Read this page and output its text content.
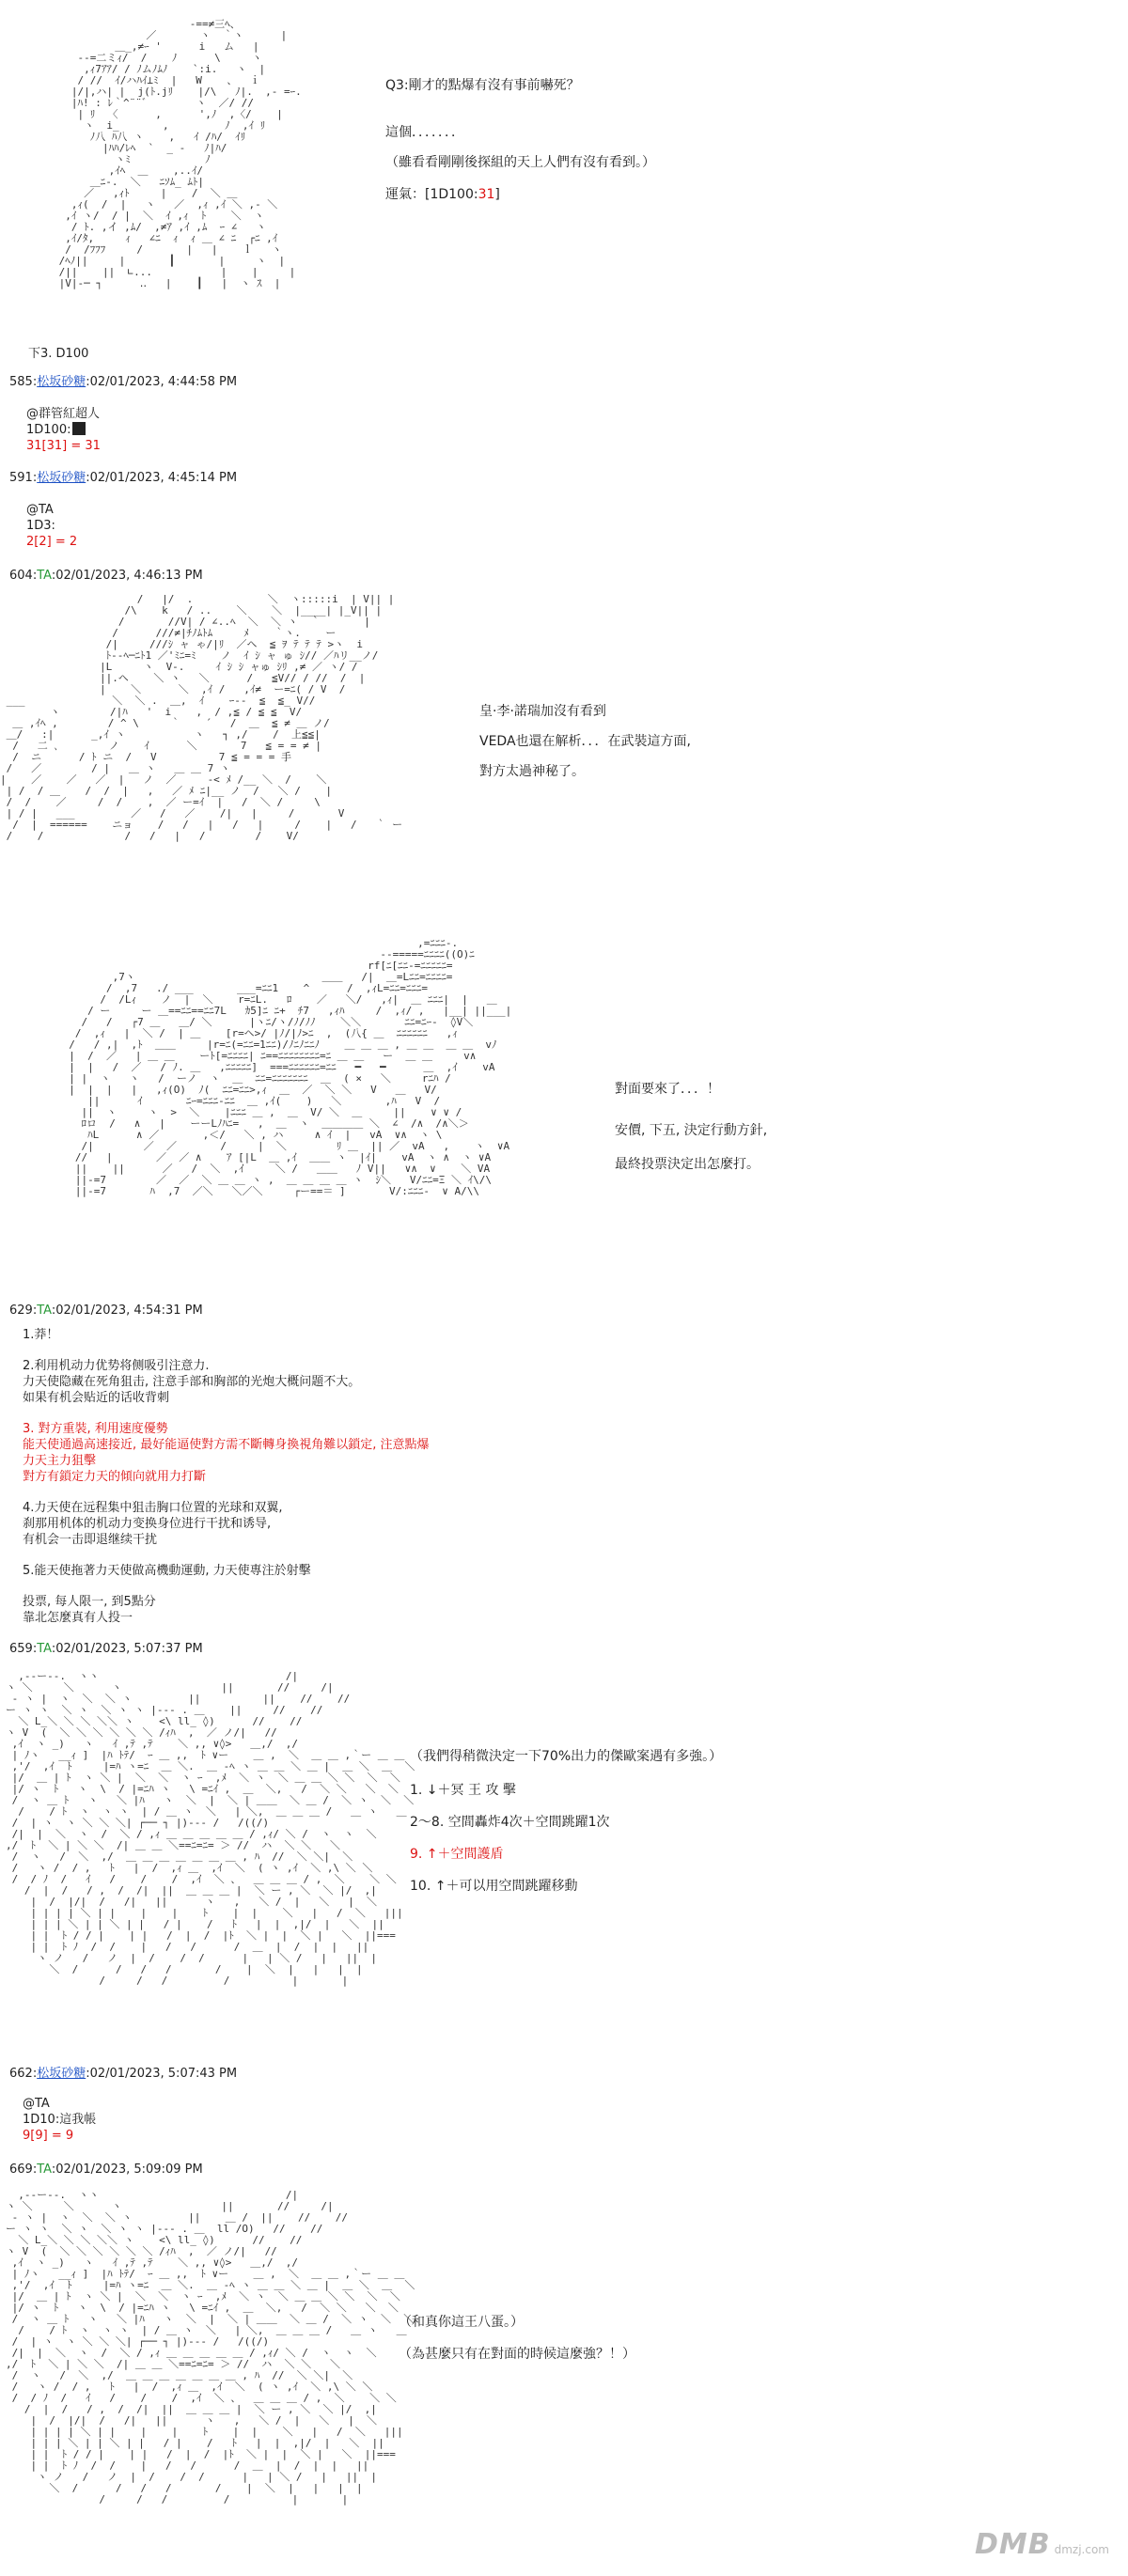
-==≠三ﾍ、
／       ヽ  ｀ヽ      |
＿_,≠ｰ '      i   ム   |
--=二ミｨ/  /    ﾉ      \     ヽ
,ｨ7ｱｱ/ / ﾉムﾉﾑﾉ    `:i.   ヽ  |
/ //  ｲ/ハﾊｲ⊥ﾐ  |   W    、  ｉ
|/|,ハ| |  j(ﾄ.jﾘ    |/\   ﾉ|.  ,- =ｰ.
|ﾊ! : ﾚ｀^¨¨゛       ヽ  ／/ //
| ﾘ  〈      ,      ',ﾉ  ,〈/    |
ヽ  i_       ,         ﾉ  ,ｲ ﾘ
ﾉ八 ﾊ八 ヽ    ,   ｲ /ﾊ/  ｲﾘ
|ﾊﾊ/ﾚﾍ  `  _ -   ﾉ|ﾊ/
ヽﾐ            ﾉ
,ｲﾍ  ＿    ,..ｲ/
＿ﾆ-.  ＼   ﾆｿﾑ_ ﾑﾄ|
／   ,ｨﾄ     |    /  ＼ ＿
,ｨ(  /  |   ヽ   ／  ,ｨ ,ｲ ＼ ,- ＼
,ｲ ヽ/  / |  ＼  ｲ ,ｨ  ﾄ    ＼  ヽ
/ ﾄ. ,イ ,ﾑ/  ,≠ｱ ,ｲ ,ﾑ  ｰ ∠   ヽ
,ｲ/ﾀ,     ｨ   ∠ﾆ  ｨ  ｨ ＿ ∠ ﾆ  ┌ﾆ ,ｲ
/  /ﾌﾌﾌ     /       |   |    ｌ   ヽ
/ﾍﾉ||     |       ┃       |     ヽ  |
/||    ||  ∟...           |    |     |
|V|-─ ┐      ‥   |    ┃   |  ヽ ｽ  |

Q3:剛才的點爆有沒有事前嚇死？
這個．．．．．．．
（雖看看剛剛後探組的天上人們有沒有看到。）
運氣：[1D100:31]
下3. D100
585:松坂砂糖:02/01/2023, 4:44:58 PM
@群管紅超人
1D100:
31[31] = 31
591:松坂砂糖:02/01/2023, 4:45:14 PM
@TA
1D3:
2[2] = 2
604:TA:02/01/2023, 4:46:13 PM
/   |/  .            ＼  ヽ:::::i  | V|| |
/\    k   / ..    ＼    ＼  |____| |_V|| |
/       //V| / ∠..ﾍ  ＼  ＼ ヽ  ｀       |
/      ///≠|ﾁﾉﾑﾄﾑ     ﾒ    ｀ヽ.    ー
/|     ///ｼ ャ ゃ/|ﾘ  ／ヘ  ≦ ｦ ﾃ ﾃ ﾃ >ヽ  i
ﾄ--ﾍ─ﾆﾄ1 ／'ﾐﾆ=ﾐ    ノ  ｲ ｼ ャ ゅ ｼ// ／ﾊリ__ノ/
|L     ヽ  V-.     ｲ ｼ ｼ ャゅ ｼﾘ ,≠ ／ ヽ/ /
||.ヘ    ＼ ヽ   ＼      /   ≦V// / //  /  |
|    ＼      ＼  ,ｲ /   ,ｲ≠  ー=ﾆ( / V  /
___              ＼  ＼ .  ＿,  ｲ    ｰ--  ≦  ≦_ V//
ヽ        /|ﾊ   '  i    ,  / ,≦ / ≦ ≦  V/
＿ ,ｲﾍ ,        / ^ \     ｀    ´   /  ＿  ≦ ≠ ＿ ノ/
＿/   :|      _,ｲ ヽ           ヽ   ┐ ,/    /  上≦≦|
/   二 ､        ノ    ｲ      ＼       7   ≦ = = ≠ |
/  ニ      / ﾄ ニ  /   V          7 ≦ = = = 手
/   ／        / |   ＿ ヽ   ＿ ＿ 7 ヽ
|    ／    ／   ／  |   ノ  ／     -< ﾒ /__ ＼  /    ＼
| /  / ＿    /  /  |   ,   ／ ﾒ ﾆ|__ ノ  /   ＼ /    |
/  /    ／     /  /    ,  ／ ー=ｲ  |   /  ＼ /     \
| / |   ___         ／   /   ／    /|   |     /       V
/  |  ======    ニョ    /   /   |   /   |     /    |   /   ｀ ー
/    /             /   /   |   /        /    V/

皇·李·諾瑞加沒有看到
VEDA也還在解析．．．在武裝這方面,
對方太過神秘了。
,=ﾆﾆﾆ-.
--=====ﾆﾆﾆﾆ((O)ﾆ
rf[ﾆ[ﾆﾆ-=ﾆﾆﾆﾆﾆ=
,7ヽ                              ＿＿   /|  ＿=Lﾆﾆ=ﾆﾆﾆﾆ=
/  ,7   ./ ___       ___=ﾆﾆ1    ^      /  ,ｨL=ﾆﾆ=ﾆﾆﾆ=
/  /Lｨ    ノ  |  ＼    r=ﾆL.   ﾛ    ／   ＼/   ,ｨ|  ＿ ﾆﾆﾆ|  |   ＿
/ ー     ー ＿==ﾆﾆ==ﾆﾆ7L   ｶ5]ﾆ ﾆ+  ﾁ7   ,ｨﾊ     /  ,ｨ/ ,   |__| ||___|
/   /   ┌7 ＿   ＿/ ＼      |ヽﾆ/ヽ/ﾉ/ﾉﾉ    ＼＼       ﾆﾆ=ﾆｰ-  ◊V＼
/  ,ｨ   |  ＼ /  | ＿    [r=ヘ>/ |ﾉ/|ﾉ>ﾆ  ,  (八{ ＿  ﾆﾆﾆﾆﾆﾆ   ,ｨ
/   / ,|  ,ﾄ  ＿＿     |r=ﾆ(=ﾆﾆ=1ﾆﾆ)/ﾉﾆﾉﾆﾆﾉ    ＿ ＿ ＿ , ＿ ＿  ＿ ＿  vﾉ
|  /  ／   | ＿ ＿    ーﾄ[=ﾆﾆﾆﾆ| ﾆ==ﾆﾆﾆﾆﾆﾆﾆﾆ=ﾆ ＿ ＿   ー  ＿ ＿     v∧
|  |   /  ／   / ﾉ. ＿   ,ﾆﾆﾆﾆﾆ]  ===ﾆﾆﾆﾆﾆﾆ=ﾆﾆ   ━   ━      ＿  ,ｲ    vA
| |  ヽ   ヽ   /  ーノ  ヽ  ＿  ﾆﾆ=ﾆﾆﾆﾆﾆﾆﾆ  ＿  ( ×   ＼     rﾆﾊ /
|  |  |   |   ,ｨ(O)  ﾉ(  ﾆﾆ=ﾆﾆ>,ｨ  ＿  ／  ＼ ＼   V   ＿   V/
||      ｲ       ﾆｰ=ﾆﾆﾆ-ﾆﾆ  ＿ ,ｲ(    )   ＼       ,ﾊ   V  /
||  ヽ     ヽ  >  ＼    |ﾆﾆﾆ ＿ ,  ＿  V/ ＼  ＿     ||    ∨ ∨ /
ﾛロ  /   ∧   |    ーーLﾉﾊﾆ=   ,  ＿  ヽ  ＿＿＿＿ ＼  ∠  /∧  /∧＼＞
ﾊL      ∧ ／       ,＜/   ＼ , ハ     ∧ ｲ  |   vA  ∨∧  ヽ \
/|        ／  ／       /     |  ＼        ﾘ ＿  || ／  vA   ,    ヽ  ∨A
//   |       ／  ／ ∧    ｱ [|L  ＿ ,ｲ  ＿＿ ヽ  |ｲ|    vA  ヽ ∧  ヽ ∨A
||    ||      ／   /  ＼  ,ｲ     ＼ /   ＿＿   ﾉ V||   ∨∧  ∨    ＼ VA
||-=7        ／  ／  ＼ ＿ ＿ ヽ ,  ＿ ＿ ＿ ＿ ヽ  ｼ＼   V/ﾆﾆ=Ξ ＼ ｲ\/\
||-=7       ﾊ  ,7  ／＼   ＼／＼     ┌ー==＝ ]       V/:ﾆﾆﾆ-  ∨ A/\\

對面要來了．．．！
安價, 下五, 決定行動方針,
最終投票決定出怎麼打。
629:TA:02/01/2023, 4:54:31 PM
1.莽！
2.利用机动力优势将侧吸引注意力.
力天使隐藏在死角狙击, 注意手部和胸部的光炮大概问题不大。
如果有机会贴近的话收背刺
3. 對方重裝, 利用速度優勢
能天使通過高速接近, 最好能逼使對方需不斷轉身換視角難以鎖定, 注意點爆
力天主力狙擊
對方有鎖定力天的傾向就用力打斷
4.力天使在远程集中狙击胸口位置的光球和双翼,
刹那用机体的机动力变换身位进行干扰和诱导,
有机会一击即退继续干扰
5.能天使拖著力天使做高機動運動, 力天使專注於射擊
投票, 每人限一, 到5點分
靠北怎麼真有人投一
659:TA:02/01/2023, 5:07:37 PM
,--ー--.  ヽヽ                              /|
ヽ ＼     ＼      ヽ                ||       //     /|
‐ ヽ |  ヽ  ＼  ＼ ヽ         ||          ||    //    //
ー ヽ ヽ  ＼ ヽ  ＼ ヽ ヽ |-‐- . ＿    ||     //    //
＼ L_＼ ＼ ＼ ＼＼ ヽ    <\ ll_ ◊)      //    //
ヽ V  (  ＼ ＼ ＼ ＼ ＼ ＼ /ｨﾊ  ,  ／ ノ/|   //
,ｲ  ヽ _)   ヽ   ｲ ,ﾃ ,ﾃ    ＼ ,, ∨◊>   ＿,/  ,/
| ﾉヽ   __ｨ ]  |ﾊ ﾄﾃ/  ｰ ＿ ,,  ﾄ ∨ー    ＿ ,  ＼  ＿ ＿ ,｀ー ＿ ＿
,'/  ,ｲ  ﾄ     |=ﾊ ヽ=ﾆ  ＿ ＼.  ＿ -ﾍ ヽ ＿ ＿ ＼ ＿ |  ＿ ＼  ＿  ＼
|/  ＿ | ﾄ  ヽ ＼ |  ＼  ＼  ヽ ｰ  ,ﾒ  ＼ ヽ  ＼ ＿ ＿ ＼ ＼  ＼  ＼
|/ ヽ  ﾄ   ヽ  \  / |=ﾆﾊ ヽ   \ =ﾆｲ ,  ＿  ＼,   /  ＼ ＼   ＼  ＼
/  ヽ ＿ ﾄ   ヽ   ＼ |ﾊ   ヽ  ＼  |  ＼ | ＿＿  ＼ ＿ /  ＼ ヽ  ＼  ＼
/    / ﾄ  ヽ  ヽ ヽ  | / ＿ ヽ  ＼   | ＼,  ＿ ＿ ＿ /   ＿ ヽ   ＿
/  | ヽ  ヽ ＼ ＼ ＼| ┌── ┐ |)--- /   /((/)
/|  |  ＼  ヽ  /  ＼ / ,ｨ ＿ ＿ ＿ ＿ ＿ / ,ｨ/ ＼ /  ヽ  ヽ  ＼
,/  ﾄ  ＼ | ＼ ＼  /| ＿ ＿ ＼==ﾆ=ﾆ= ＞ //  ハ  ＼ ＼   ＼
/  ヽ   /  ＼  ,/  ＿ ＿ ＿ ＿ ＿ ＿ ＿ , ﾊ  //  ＼ ＼|  ＼
/   ヽ /  / ,   ﾄ   |  /  ,ｨ ＿  ,ｲ  ＼  ( ヽ ,ｲ  ＼ ,\ ＼ ＼
/  / ﾉ  /   ｲ   /    /    /  ,ｲ  ＼ 、  ＿ ＿ ＿ / ,  ＼    ＼ ＼
/  |  /   / ,  /  /|  ||  ＿ ＿ ＿ |  ＼ ー , ＼  ＼ |/  ,|
|  /  |/|  /   /|   ||      ヽ   ,   ＼ /  |   ＼   |  ＼
| | | | ＼ | |    |    |    ﾄ    |  |    ＼   |   /  ＼   |||
| | | ＼ | | ＼ | |   / |    /   ﾄ   |  |  ,|/  |   ＼  ||
| |  ﾄ / / |    | |   /  |  /  |ﾄ  ＼ |  |  ＼ |   ＼  ||===
| |  ﾄ ﾉ  /  /    |   /   /      /  ＿  |  /  |  |   ||
ヽ ノ   /   ノ  |  /    /  /      |   | ＼ /   |   ||  |
＼  /      /   /   /       /    |  ＼  |   |   |  |
/     /   /         /          |       |

（我們得稍微決定一下70%出力的傑歐案遇有多強。）
1. ↓＋冥 王 攻 擊
2～8. 空間轟炸4次＋空間跳躍1次
9. ↑＋空間護盾
10. ↑＋可以用空間跳躍移動
662:松坂砂糖:02/01/2023, 5:07:43 PM
@TA
1D10:這我帳
9[9] = 9
669:TA:02/01/2023, 5:09:09 PM
,--ー--.  ヽヽ                              /|
ヽ ＼     ＼      ヽ                ||       //     /|
‐ ヽ |  ヽ  ＼  ＼ ヽ         ||    ＿ /  ||    //    //
ー ヽ ヽ  ＼ ヽ  ＼ ヽ ヽ |-‐- . ＿  ll /O)   //    //
＼ L_＼ ＼ ＼ ＼＼ ヽ    <\ ll_ ◊)      //    //
ヽ V  (  ＼ ＼ ＼ ＼ ＼ ＼ /ｨﾊ  ,  ／ ノ/|   //
,ｲ  ヽ _)   ヽ   ｲ ,ﾃ ,ﾃ    ＼ ,, ∨◊>   ＿,/  ,/
| ﾉヽ   __ｨ ]  |ﾊ ﾄﾃ/  ｰ ＿ ,,  ﾄ ∨ー    ＿ ,  ＼  ＿ ＿ ,｀ー ＿ ＿
,'/  ,ｲ  ﾄ     |=ﾊ ヽ=ﾆ  ＿ ＼.  ＿ -ﾍ ヽ ＿ ＿ ＼ ＿ |  ＿ ＼  ＿  ＼
|/  ＿ | ﾄ  ヽ ＼ |  ＼  ＼  ヽ ｰ  ,ﾒ  ＼ ヽ  ＼ ＿ ＿ ＼ ＼  ＼  ＼
|/ ヽ  ﾄ   ヽ  \  / |=ﾆﾊ ヽ   \ =ﾆｲ ,  ＿  ＼,   /  ＼ ＼   ＼  ＼
/  ヽ ＿ ﾄ   ヽ   ＼ |ﾊ   ヽ  ＼  |  ＼ | ＿＿  ＼ ＿ /  ＼ ヽ  ＼  ＼
/    / ﾄ  ヽ  ヽ ヽ  | / ＿ ヽ  ＼   | ＼,  ＿ ＿ ＿ /   ＿ ヽ   ＿
/  | ヽ  ヽ ＼ ＼ ＼| ┌── ┐ |)--- /   /((/)
/|  |  ＼  ヽ  /  ＼ / ,ｨ ＿ ＿ ＿ ＿ ＿ / ,ｨ/ ＼ /  ヽ  ヽ  ＼
,/  ﾄ  ＼ | ＼ ＼  /| ＿ ＿ ＼==ﾆ=ﾆ= ＞ //  ハ  ＼ ＼   ＼
/  ヽ   /  ＼  ,/  ＿ ＿ ＿ ＿ ＿ ＿ ＿ , ﾊ  //  ＼ ＼|  ＼
/   ヽ /  / ,   ﾄ   |  /  ,ｨ ＿  ,ｲ  ＼  ( ヽ ,ｲ  ＼ ,\ ＼ ＼
/  / ﾉ  /   ｲ   /    /    /  ,ｲ  ＼ 、  ＿ ＿ ＿ / ,  ＼    ＼ ＼
/  |  /   / ,  /  /|  ||  ＿ ＿ ＿ |  ＼ ー , ＼  ＼ |/  ,|
|  /  |/|  /   /|   ||      ヽ   ,   ＼ /  |   ＼   |  ＼
| | | | ＼ | |    |    |    ﾄ    |  |    ＼   |   /  ＼   |||
| | | ＼ | | ＼ | |   / |    /   ﾄ   |  |  ,|/  |   ＼  ||
| |  ﾄ / / |    | |   /  |  /  |ﾄ  ＼ |  |  ＼ |   ＼  ||===
| |  ﾄ ﾉ  /  /    |   /   /      /  ＿  |  /  |  |   ||
ヽ ノ   /   ノ  |  /    /  /      |   | ＼ /   |   ||  |
＼  /      /   /   /       /    |  ＼  |   |   |  |
/     /   /         /          |       |

（和真你這王八蛋。）
（為甚麼只有在對面的時候這麼強？！）
DMB dmzj.com
